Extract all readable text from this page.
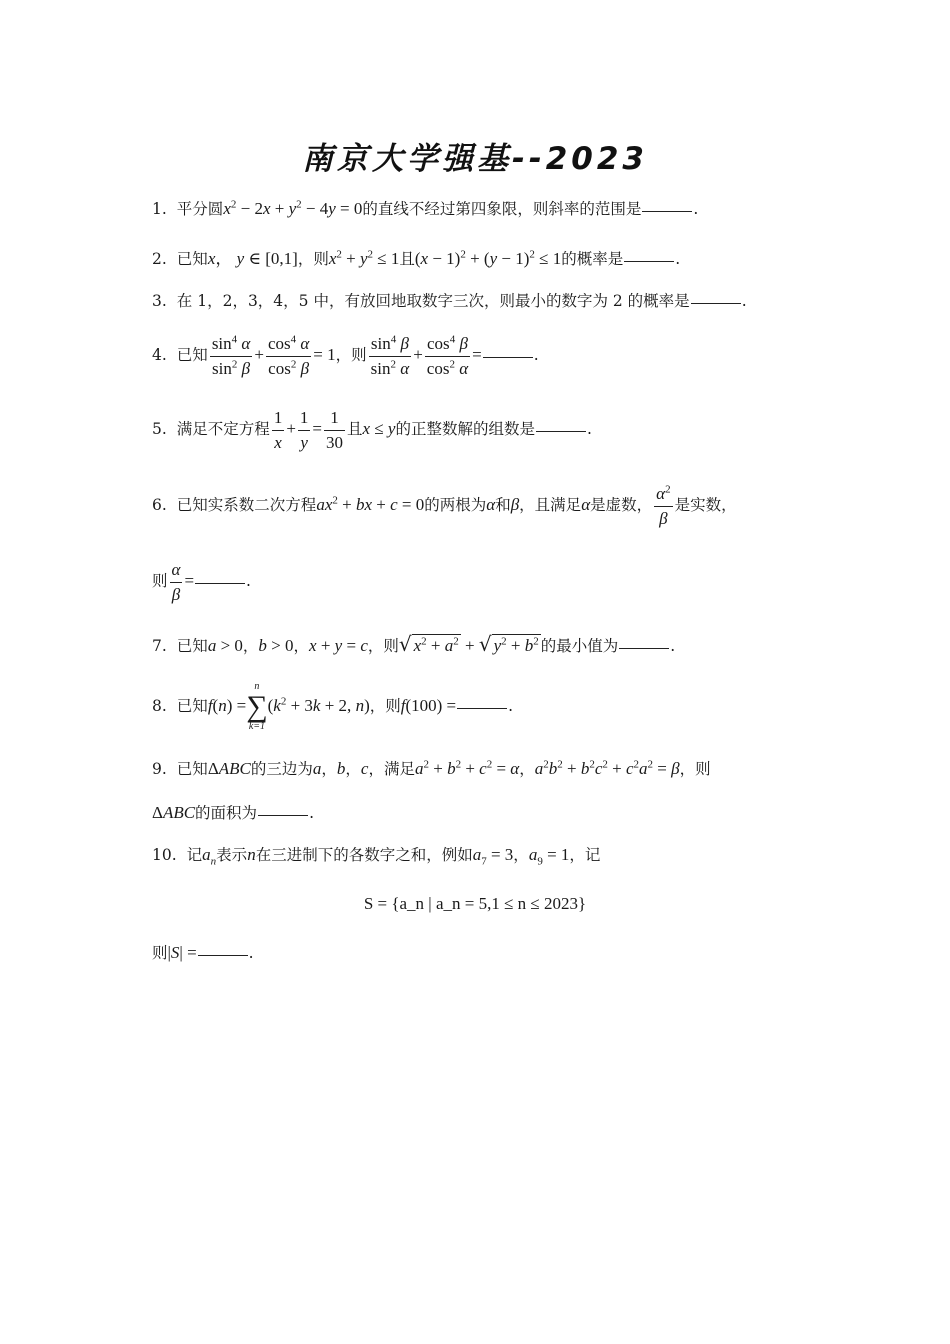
南京大学强基--2023
1. 平分圆$x^2 - 2x + y^2 - 4y = 0$的直线不经过第四象限，则斜率的范围是	.
2. 已知x， y ∈ [0,1]，则$x^2 + y^2 \le 1$且$(x - 1)^2 + (y - 1)^2 \le 1$的概率是	.
3. 在 1，2，3，4，5 中，有放回地取数字三次，则最小的数字为 2 的概率是	.
4. 已知 $\frac{\sin^4 \alpha}{\sin^2 \beta} + \frac{\cos^4 \alpha}{\cos^2 \beta} = 1$，则 $\frac{\sin^4 \beta}{\sin^2 \alpha} + \frac{\cos^4 \beta}{\cos^2 \alpha}$ =	.
5. 满足不定方程 $\frac{1}{x} + \frac{1}{y} = \frac{1}{30}$ 且x ≤ y的正整数解的组数是	.
6. 已知实系数二次方程$ax^2$ + bx + c = 0的两根为α和β，且满足α是虚数， $\frac{\alpha^2}{\beta}$ 是实数，
则 $\frac{\alpha}{\beta}$ =	.
7. 已知a > 0，b > 0，x + y = c，则√ $x^2 + a^2$ + √ $y^2 + b^2$ 的最小值为	.
8. 已知f(n) =
n
∑
k=1
($k^2 + 3k + 2$, n)，则f(100) =	.
9. 已知ΔABC的三边为a，b，c，满足$a^2 + b^2 + c^2 = \alpha$，$a^2b^2 + b^2c^2 + c^2a^2 = \beta$，则
ΔABC的面积为	.
10. 记$a_n$表示n在三进制下的各数字之和，例如$a_7 = 3$，$a_9 = 1$，记
S = {a_n | a_n = 5,1 ≤ n ≤ 2023}
则|S| =	.
